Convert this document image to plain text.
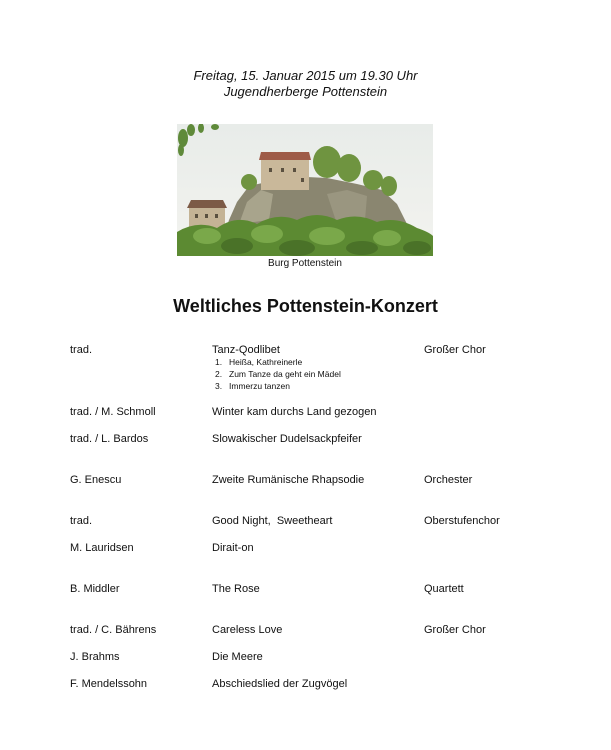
Freitag, 15. Januar 2015 um 19.30 Uhr
Jugendherberge Pottenstein
Burg Pottenstein
Weltliches Pottenstein-Konzert
trad.	Tanz-Qodlibet	Großer Chor
1. Heißa, Kathreinerle
2. Zum Tanze da geht ein Mädel
3. Immerzu tanzen
trad. / M. Schmoll	Winter kam durchs Land gezogen
trad. / L. Bardos	Slowakischer Dudelsackpfeifer
G. Enescu	Zweite Rumänische Rhapsodie	Orchester
trad.	Good Night,  Sweetheart	Oberstufenchor
M. Lauridsen	Dirait-on
B. Middler	The Rose	Quartett
trad. / C. Bährens	Careless Love	Großer Chor
J. Brahms	Die Meere
F. Mendelssohn	Abschiedslied der Zugvögel
